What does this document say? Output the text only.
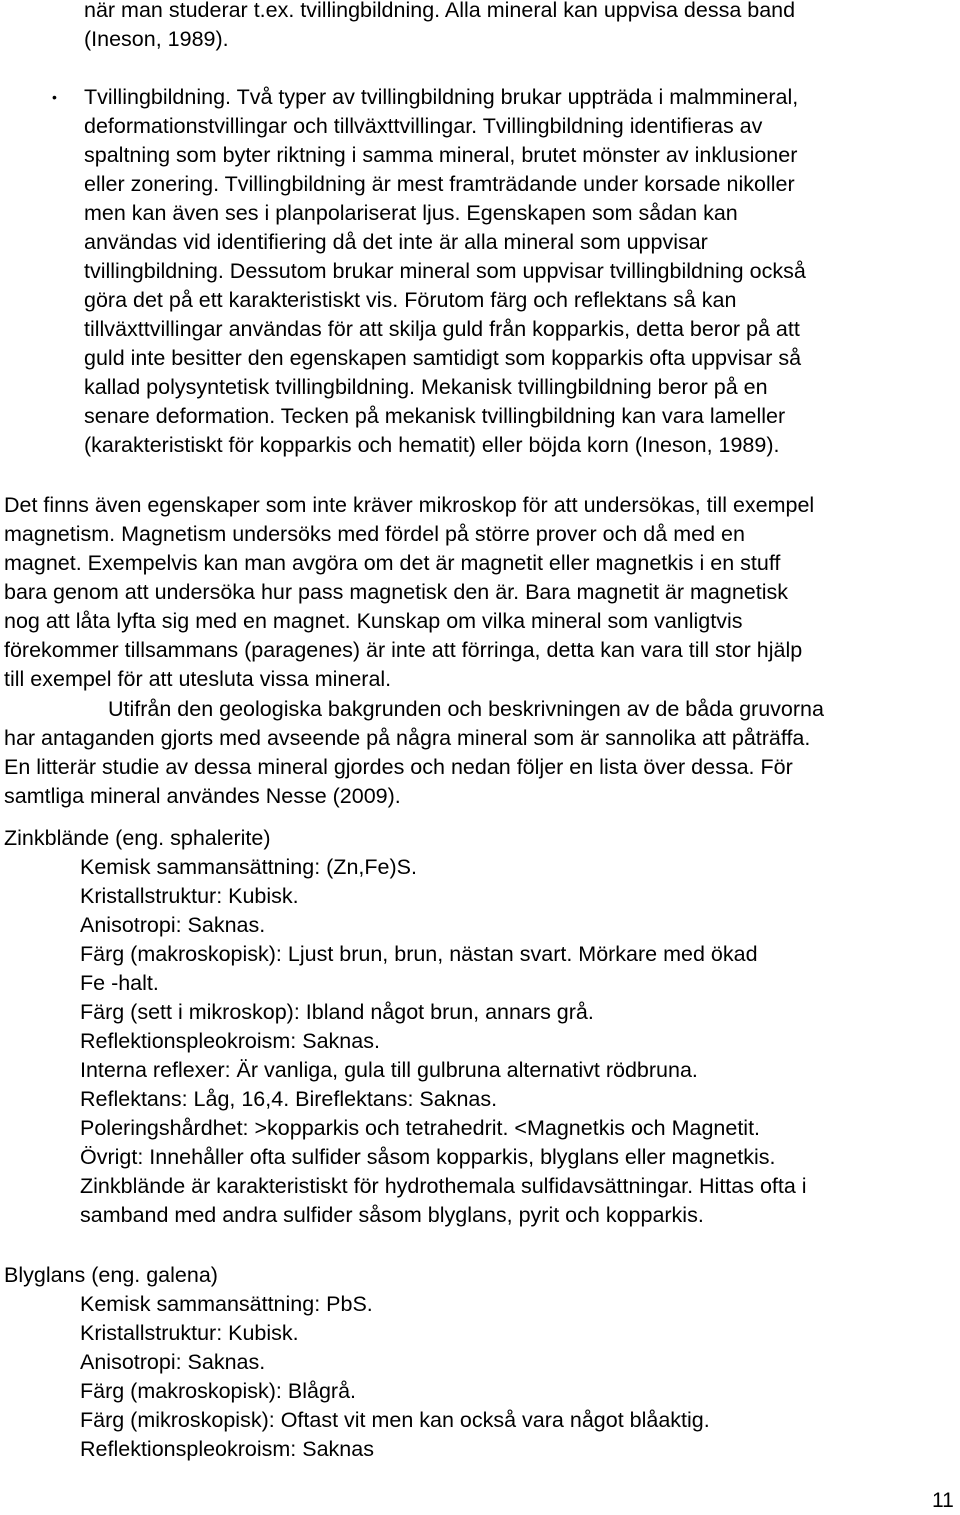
när man studerar t.ex. tvillingbildning. Alla mineral kan uppvisa dessa band
(Ineson, 1989).
• Tvillingbildning. Två typer av tvillingbildning brukar uppträda i malmmineral,
deformationstvillingar och tillväxttvillingar. Tvillingbildning identifieras av
spaltning som byter riktning i samma mineral, brutet mönster av inklusioner
eller zonering. Tvillingbildning är mest framträdande under korsade nikoller
men kan även ses i planpolariserat ljus. Egenskapen som sådan kan
användas vid identifiering då det inte är alla mineral som uppvisar
tvillingbildning. Dessutom brukar mineral som uppvisar tvillingbildning också
göra det på ett karakteristiskt vis. Förutom färg och reflektans så kan
tillväxttvillingar användas för att skilja guld från kopparkis, detta beror på att
guld inte besitter den egenskapen samtidigt som kopparkis ofta uppvisar så
kallad polysyntetisk tvillingbildning. Mekanisk tvillingbildning beror på en
senare deformation. Tecken på mekanisk tvillingbildning kan vara lameller
(karakteristiskt för kopparkis och hematit) eller böjda korn (Ineson, 1989).
Det finns även egenskaper som inte kräver mikroskop för att undersökas, till exempel
magnetism. Magnetism undersöks med fördel på större prover och då med en
magnet. Exempelvis kan man avgöra om det är magnetit eller magnetkis i en stuff
bara genom att undersöka hur pass magnetisk den är. Bara magnetit är magnetisk
nog att låta lyfta sig med en magnet. Kunskap om vilka mineral som vanligtvis
förekommer tillsammans (paragenes) är inte att förringa, detta kan vara till stor hjälp
till exempel för att utesluta vissa mineral.
Utifrån den geologiska bakgrunden och beskrivningen av de båda gruvorna
har antaganden gjorts med avseende på några mineral som är sannolika att påträffa.
En litterär studie av dessa mineral gjordes och nedan följer en lista över dessa. För
samtliga mineral användes Nesse (2009).
Zinkblände (eng. sphalerite)
Kemisk sammansättning: (Zn,Fe)S.
Kristallstruktur: Kubisk.
Anisotropi: Saknas.
Färg (makroskopisk): Ljust brun, brun, nästan svart. Mörkare med ökad
Fe -halt.
Färg (sett i mikroskop): Ibland något brun, annars grå.
Reflektionspleokroism: Saknas.
Interna reflexer: Är vanliga, gula till gulbruna alternativt rödbruna.
Reflektans: Låg, 16,4. Bireflektans: Saknas.
Poleringshårdhet: >kopparkis och tetrahedrit. <Magnetkis och Magnetit.
Övrigt: Innehåller ofta sulfider såsom kopparkis, blyglans eller magnetkis.
Zinkblände är karakteristiskt för hydrothemala sulfidavsättningar. Hittas ofta i
samband med andra sulfider såsom blyglans, pyrit och kopparkis.
Blyglans (eng. galena)
Kemisk sammansättning: PbS.
Kristallstruktur: Kubisk.
Anisotropi: Saknas.
Färg (makroskopisk): Blågrå.
Färg (mikroskopisk): Oftast vit men kan också vara något blåaktig.
Reflektionspleokroism: Saknas
11
